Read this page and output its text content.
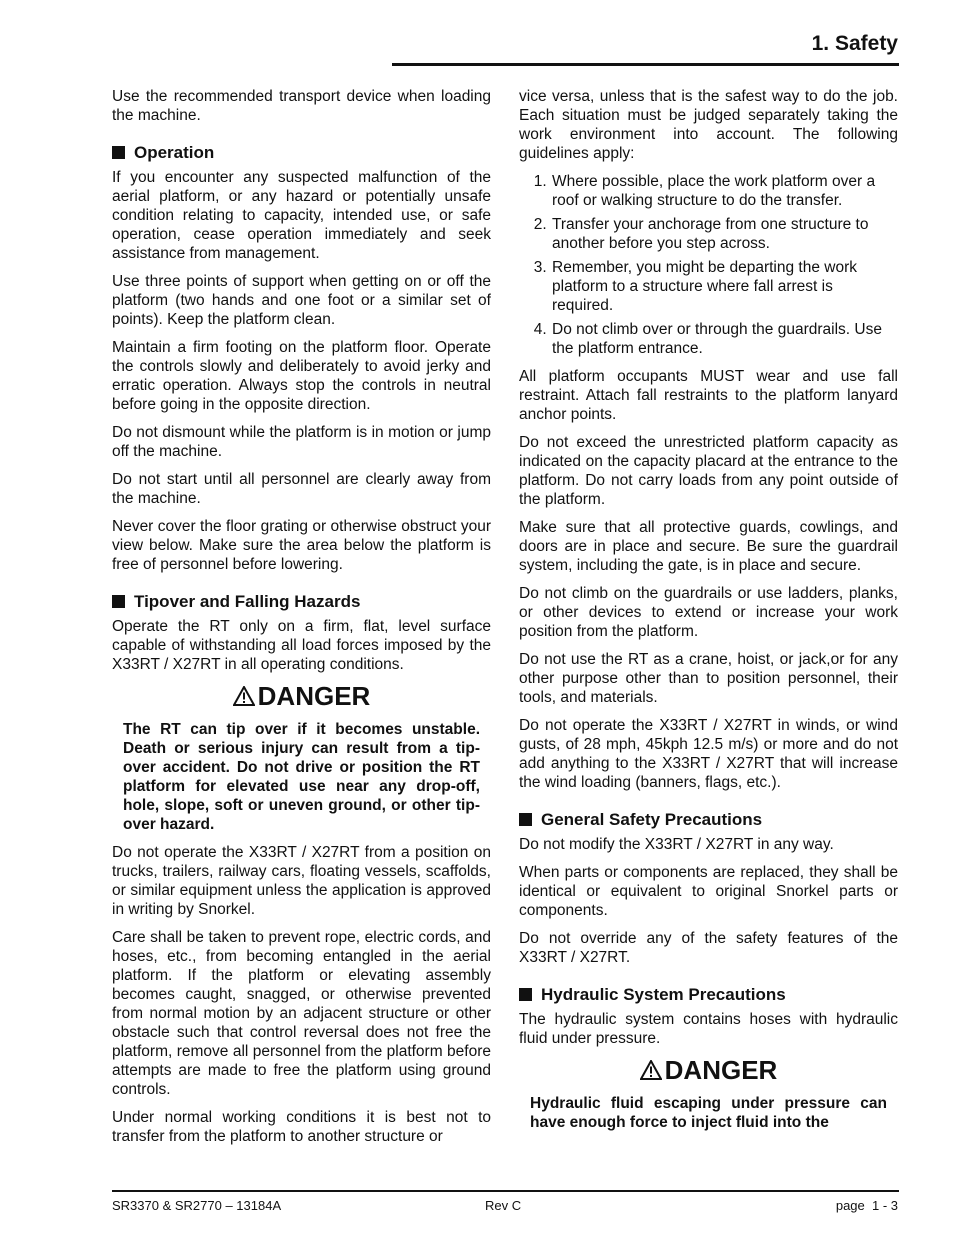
1. Safety

Use the recommended transport device when loading the machine.

Operation

If you encounter any suspected malfunction of the aerial platform, or any hazard or potentially unsafe condition relating to capacity, intended use, or safe operation, cease operation immediately and seek assistance from management.

Use three points of support when getting on or off the platform (two hands and one foot or a similar set of points). Keep the platform clean.

Maintain a firm footing on the platform floor. Operate the controls slowly and deliberately to avoid jerky and erratic operation. Always stop the controls in neutral before going in the opposite direction.

Do not dismount while the platform is in motion or jump off the machine.

Do not start until all personnel are clearly away from the machine.

Never cover the floor grating or otherwise obstruct your view below. Make sure the area below the platform is free of personnel before lowering.

Tipover and Falling Hazards

Operate the RT only on a firm, flat, level surface capable of withstanding all load forces imposed by the X33RT / X27RT in all operating conditions.

DANGER

The RT can tip over if it becomes unstable. Death or serious injury can result from a tip-over accident. Do not drive or position the RT platform for elevated use near any drop-off, hole, slope, soft or uneven ground, or other tip-over hazard.

Do not operate the X33RT / X27RT from a position on trucks, trailers, railway cars, floating vessels, scaffolds, or similar equipment unless the application is approved in writing by Snorkel.

Care shall be taken to prevent rope, electric cords, and hoses, etc., from becoming entangled in the aerial platform. If the platform or elevating assembly becomes caught, snagged, or otherwise prevented from normal motion by an adjacent structure or other obstacle such that control reversal does not free the platform, remove all personnel from the platform before attempts are made to free the platform using ground controls.

Under normal working conditions it is best not to transfer from the platform to another structure or

vice versa, unless that is the safest way to do the job. Each situation must be judged separately taking the work environment into account. The following guidelines apply:

1. Where possible, place the work platform over a roof or walking structure to do the transfer.
2. Transfer your anchorage from one structure to another before you step across.
3. Remember, you might be departing the work platform to a structure where fall arrest is required.
4. Do not climb over or through the guardrails. Use the platform entrance.

All platform occupants MUST wear and use fall restraint. Attach fall restraints to the platform lanyard anchor points.

Do not exceed the unrestricted platform capacity as indicated on the capacity placard at the entrance to the platform. Do not carry loads from any point outside of the platform.

Make sure that all protective guards, cowlings, and doors are in place and secure. Be sure the guardrail system, including the gate, is in place and secure.

Do not climb on the guardrails or use ladders, planks, or other devices to extend or increase your work position from the platform.

Do not use the RT as a crane, hoist, or jack,or for any other purpose other than to position personnel, their tools, and materials.

Do not operate the X33RT / X27RT in winds, or wind gusts, of 28 mph, 45kph 12.5 m/s) or more and do not add anything to the X33RT / X27RT that will increase the wind loading (banners, flags, etc.).

General Safety Precautions

Do not modify the X33RT / X27RT in any way.

When parts or components are replaced, they shall be identical or equivalent to original Snorkel parts or components.

Do not override any of the safety features of the X33RT / X27RT.

Hydraulic System Precautions

The hydraulic system contains hoses with hydraulic fluid under pressure.

DANGER

Hydraulic fluid escaping under pressure can have enough force to inject fluid into the

SR3370 & SR2770 – 13184A	Rev C	page  1 - 3
